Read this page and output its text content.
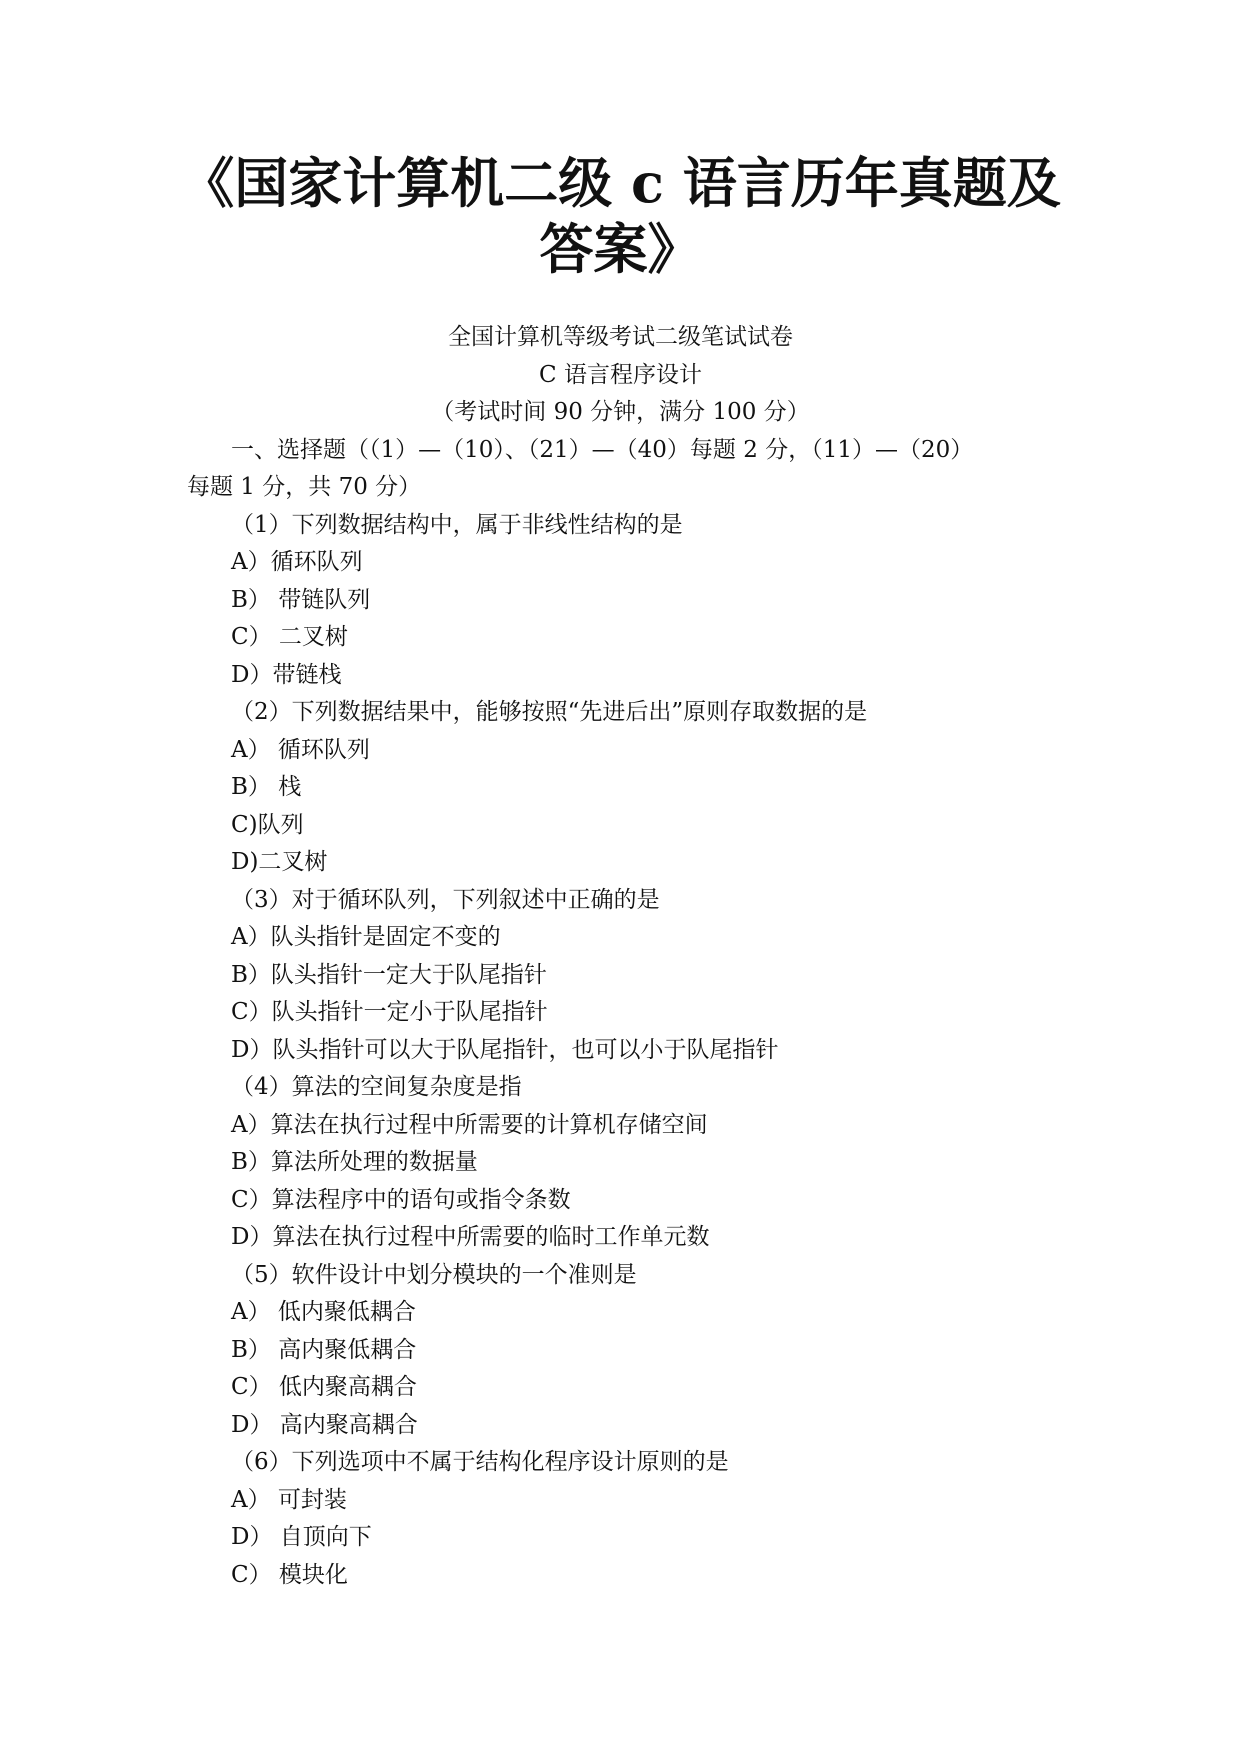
《国家计算机二级 c 语言历年真题及
答案》

全国计算机等级考试二级笔试试卷

C 语言程序设计

（考试时间 90 分钟，满分 100 分）

一、选择题（（1）—（10）、（21）—（40）每题 2 分，（11）—（20）

每题 1 分，共 70 分）

（1）下列数据结构中，属于非线性结构的是

A）循环队列

B） 带链队列

C） 二叉树

D）带链栈

（2）下列数据结果中，能够按照“先进后出”原则存取数据的是

A） 循环队列

B） 栈

C)队列

D)二叉树

（3）对于循环队列，下列叙述中正确的是

A）队头指针是固定不变的

B）队头指针一定大于队尾指针

C）队头指针一定小于队尾指针

D）队头指针可以大于队尾指针，也可以小于队尾指针

（4）算法的空间复杂度是指

A）算法在执行过程中所需要的计算机存储空间

B）算法所处理的数据量

C）算法程序中的语句或指令条数

D）算法在执行过程中所需要的临时工作单元数

（5）软件设计中划分模块的一个准则是

A） 低内聚低耦合

B） 高内聚低耦合

C） 低内聚高耦合

D） 高内聚高耦合

（6）下列选项中不属于结构化程序设计原则的是

A） 可封装

D） 自顶向下

C） 模块化
